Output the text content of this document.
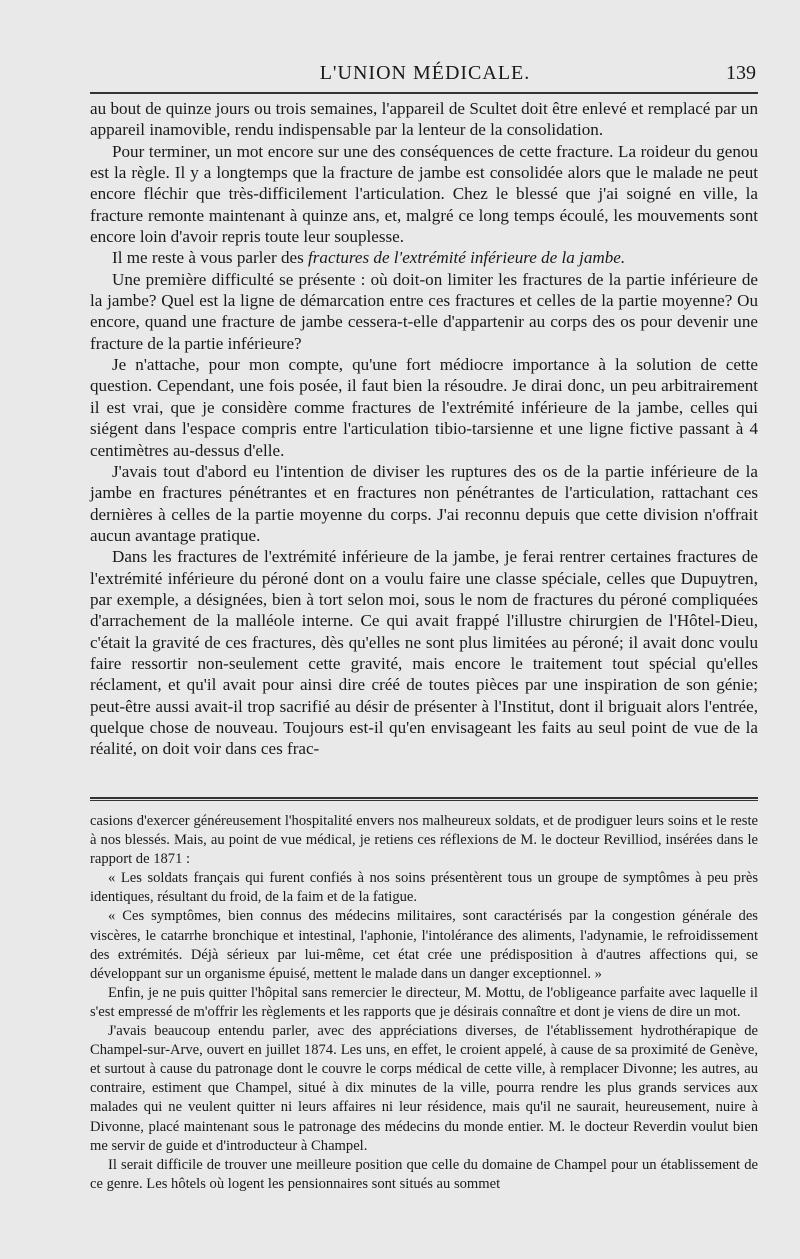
L'UNION MÉDICALE.	139

au bout de quinze jours ou trois semaines, l'appareil de Scultet doit être enlevé et remplacé par un appareil inamovible, rendu indispensable par la lenteur de la consolidation.

Pour terminer, un mot encore sur une des conséquences de cette fracture. La roideur du genou est la règle. Il y a longtemps que la fracture de jambe est consolidée alors que le malade ne peut encore fléchir que très-difficilement l'articulation. Chez le blessé que j'ai soigné en ville, la fracture remonte maintenant à quinze ans, et, malgré ce long temps écoulé, les mouvements sont encore loin d'avoir repris toute leur souplesse.

Il me reste à vous parler des fractures de l'extrémité inférieure de la jambe.

Une première difficulté se présente : où doit-on limiter les fractures de la partie inférieure de la jambe? Quel est la ligne de démarcation entre ces fractures et celles de la partie moyenne? Ou encore, quand une fracture de jambe cessera-t-elle d'appartenir au corps des os pour devenir une fracture de la partie inférieure?

Je n'attache, pour mon compte, qu'une fort médiocre importance à la solution de cette question. Cependant, une fois posée, il faut bien la résoudre. Je dirai donc, un peu arbitrairement il est vrai, que je considère comme fractures de l'extrémité inférieure de la jambe, celles qui siégent dans l'espace compris entre l'articulation tibio-tarsienne et une ligne fictive passant à 4 centimètres au-dessus d'elle.

J'avais tout d'abord eu l'intention de diviser les ruptures des os de la partie inférieure de la jambe en fractures pénétrantes et en fractures non pénétrantes de l'articulation, rattachant ces dernières à celles de la partie moyenne du corps. J'ai reconnu depuis que cette division n'offrait aucun avantage pratique.

Dans les fractures de l'extrémité inférieure de la jambe, je ferai rentrer certaines fractures de l'extrémité inférieure du péroné dont on a voulu faire une classe spéciale, celles que Dupuytren, par exemple, a désignées, bien à tort selon moi, sous le nom de fractures du péroné compliquées d'arrachement de la malléole interne. Ce qui avait frappé l'illustre chirurgien de l'Hôtel-Dieu, c'était la gravité de ces fractures, dès qu'elles ne sont plus limitées au péroné; il avait donc voulu faire ressortir non-seulement cette gravité, mais encore le traitement tout spécial qu'elles réclament, et qu'il avait pour ainsi dire créé de toutes pièces par une inspiration de son génie; peut-être aussi avait-il trop sacrifié au désir de présenter à l'Institut, dont il briguait alors l'entrée, quelque chose de nouveau. Toujours est-il qu'en envisageant les faits au seul point de vue de la réalité, on doit voir dans ces frac-

casions d'exercer généreusement l'hospitalité envers nos malheureux soldats, et de prodiguer leurs soins et le reste à nos blessés. Mais, au point de vue médical, je retiens ces réflexions de M. le docteur Revilliod, insérées dans le rapport de 1871 :

« Les soldats français qui furent confiés à nos soins présentèrent tous un groupe de symptômes à peu près identiques, résultant du froid, de la faim et de la fatigue.

« Ces symptômes, bien connus des médecins militaires, sont caractérisés par la congestion générale des viscères, le catarrhe bronchique et intestinal, l'aphonie, l'intolérance des aliments, l'adynamie, le refroidissement des extrémités. Déjà sérieux par lui-même, cet état crée une prédisposition à d'autres affections qui, se développant sur un organisme épuisé, mettent le malade dans un danger exceptionnel. »

Enfin, je ne puis quitter l'hôpital sans remercier le directeur, M. Mottu, de l'obligeance parfaite avec laquelle il s'est empressé de m'offrir les règlements et les rapports que je désirais connaître et dont je viens de dire un mot.

J'avais beaucoup entendu parler, avec des appréciations diverses, de l'établissement hydrothérapique de Champel-sur-Arve, ouvert en juillet 1874. Les uns, en effet, le croient appelé, à cause de sa proximité de Genève, et surtout à cause du patronage dont le couvre le corps médical de cette ville, à remplacer Divonne; les autres, au contraire, estiment que Champel, situé à dix minutes de la ville, pourra rendre les plus grands services aux malades qui ne veulent quitter ni leurs affaires ni leur résidence, mais qu'il ne saurait, heureusement, nuire à Divonne, placé maintenant sous le patronage des médecins du monde entier. M. le docteur Reverdin voulut bien me servir de guide et d'introducteur à Champel.

Il serait difficile de trouver une meilleure position que celle du domaine de Champel pour un établissement de ce genre. Les hôtels où logent les pensionnaires sont situés au sommet
